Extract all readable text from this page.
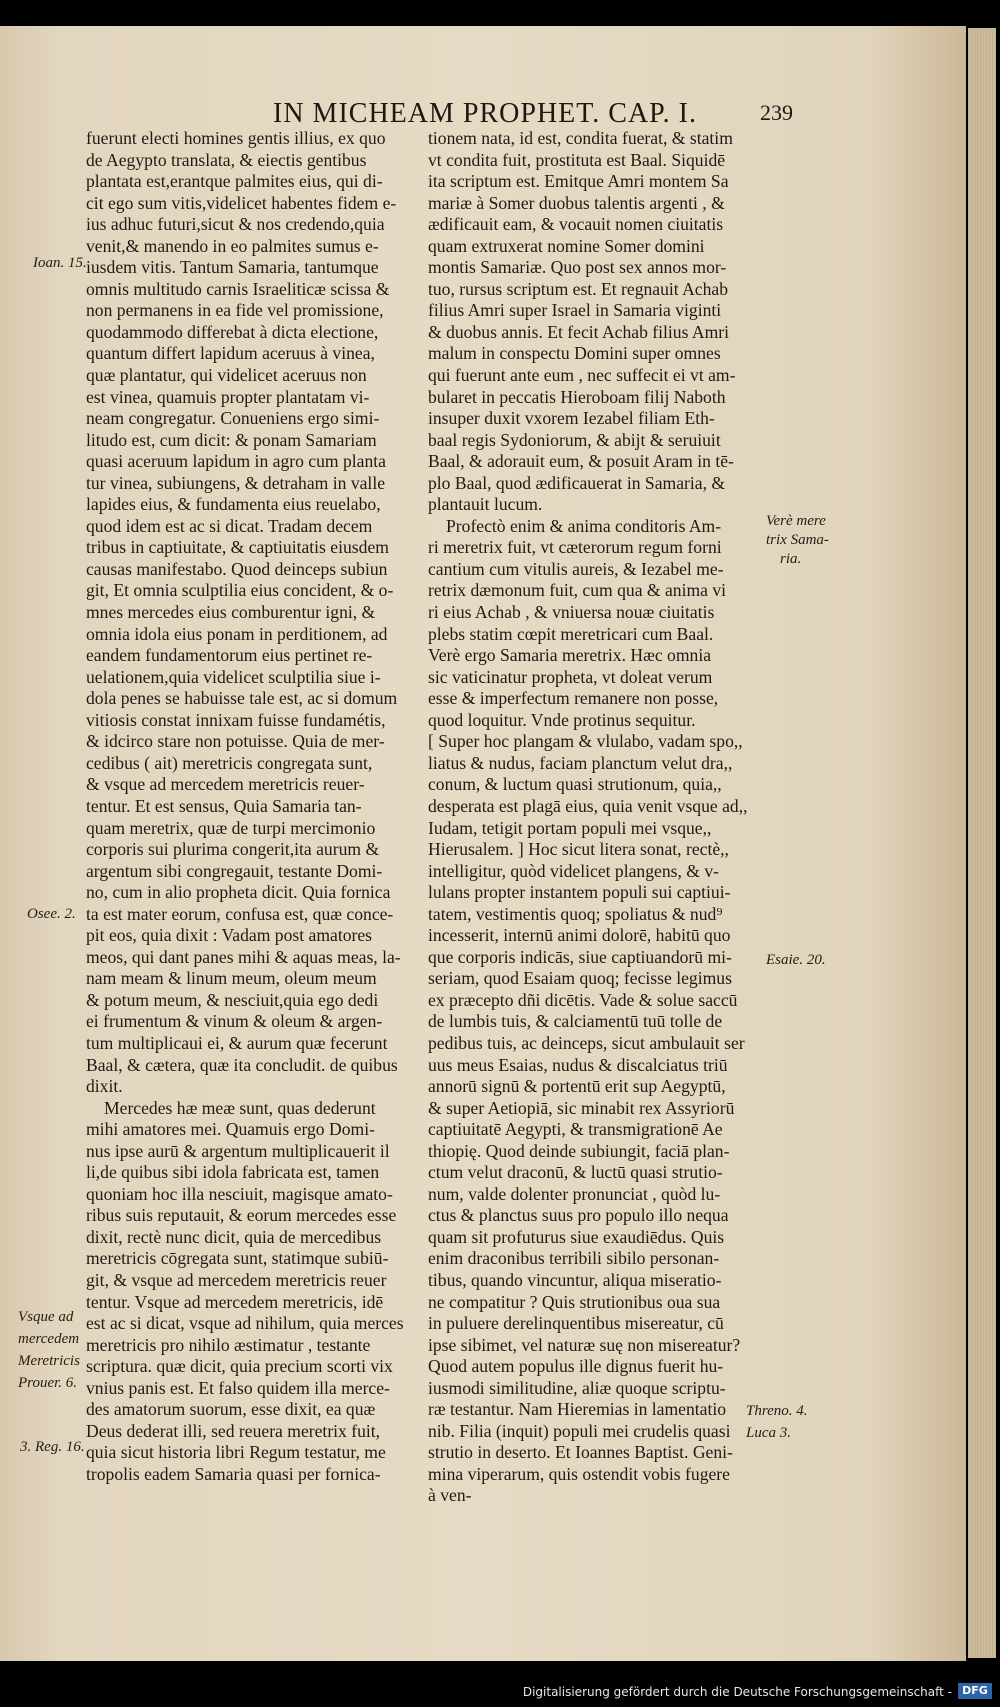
IN MICHEAM PROPHET. CAP. I.	239
fuerunt electi homines gentis illius, ex quo
de Aegypto translata, & eiectis gentibus
plantata est,erantque palmites eius, qui di-
cit ego sum vitis,videlicet habentes fidem e-
ius adhuc futuri,sicut & nos credendo,quia
venit,& manendo in eo palmites sumus e-
iusdem vitis. Tantum Samaria, tantumque
omnis multitudo carnis Israeliticæ scissa &
non permanens in ea fide vel promissione,
quodammodo differebat à dicta electione,
quantum differt lapidum aceruus à vinea,
quæ plantatur, qui videlicet aceruus non
est vinea, quamuis propter plantatam vi-
neam congregatur. Conueniens ergo simi-
litudo est, cum dicit: & ponam Samariam
quasi aceruum lapidum in agro cum planta
tur vinea, subiungens, & detraham in valle
lapides eius, & fundamenta eius reuelabo,
quod idem est ac si dicat. Tradam decem
tribus in captiuitate, & captiuitatis eiusdem
causas manifestabo. Quod deinceps subiun
git, Et omnia sculptilia eius concident, & o-
mnes mercedes eius comburentur igni, &
omnia idola eius ponam in perditionem, ad
eandem fundamentorum eius pertinet re-
uelationem,quia videlicet sculptilia siue i-
dola penes se habuisse tale est, ac si domum
vitiosis constat innixam fuisse fundamétis,
& idcirco stare non potuisse. Quia de mer-
cedibus ( ait) meretricis congregata sunt,
& vsque ad mercedem meretricis reuer-
tentur. Et est sensus, Quia Samaria tan-
quam meretrix, quæ de turpi mercimonio
corporis sui plurima congerit,ita aurum &
argentum sibi congregauit, testante Domi-
no, cum in alio propheta dicit. Quia fornica
ta est mater eorum, confusa est, quæ conce-
pit eos, quia dixit : Vadam post amatores
meos, qui dant panes mihi & aquas meas, la-
nam meam & linum meum, oleum meum
& potum meum, & nesciuit,quia ego dedi
ei frumentum & vinum & oleum & argen-
tum multiplicaui ei, & aurum quæ fecerunt
Baal, & cætera, quæ ita concludit. de quibus
dixit.
Mercedes hæ meæ sunt, quas dederunt
mihi amatores mei. Quamuis ergo Domi-
nus ipse aurū & argentum multiplicauerit il
li,de quibus sibi idola fabricata est, tamen
quoniam hoc illa nesciuit, magisque amato-
ribus suis reputauit, & eorum mercedes esse
dixit, rectè nunc dicit, quia de mercedibus
meretricis cōgregata sunt, statimque subiū-
git, & vsque ad mercedem meretricis reuer
tentur. Vsque ad mercedem meretricis, idē
est ac si dicat, vsque ad nihilum, quia merces
meretricis pro nihilo æstimatur , testante
scriptura. quæ dicit, quia precium scorti vix
vnius panis est. Et falso quidem illa merce-
des amatorum suorum, esse dixit, ea quæ
Deus dederat illi, sed reuera meretrix fuit,
quia sicut historia libri Regum testatur, me
tropolis eadem Samaria quasi per fornica-
tionem nata, id est, condita fuerat, & statim
vt condita fuit, prostituta est Baal. Siquidē
ita scriptum est. Emitque Amri montem Sa
mariæ à Somer duobus talentis argenti , &
ædificauit eam, & vocauit nomen ciuitatis
quam extruxerat nomine Somer domini
montis Samariæ. Quo post sex annos mor-
tuo, rursus scriptum est. Et regnauit Achab
filius Amri super Israel in Samaria viginti
& duobus annis. Et fecit Achab filius Amri
malum in conspectu Domini super omnes
qui fuerunt ante eum , nec suffecit ei vt am-
bularet in peccatis Hieroboam filij Naboth
insuper duxit vxorem Iezabel filiam Eth-
baal regis Sydoniorum, & abijt & seruiuit
Baal, & adorauit eum, & posuit Aram in tē-
plo Baal, quod ædificauerat in Samaria, &
plantauit lucum.
Profectò enim & anima conditoris Am-
ri meretrix fuit, vt cæterorum regum forni
cantium cum vitulis aureis, & Iezabel me-
retrix dæmonum fuit, cum qua & anima vi
ri eius Achab , & vniuersa nouæ ciuitatis
plebs statim cœpit meretricari cum Baal.
Verè ergo Samaria meretrix. Hæc omnia
sic vaticinatur propheta, vt doleat verum
esse & imperfectum remanere non posse,
quod loquitur. Vnde protinus sequitur.
[ Super hoc plangam & vlulabo, vadam spo,,
liatus & nudus, faciam planctum velut dra,,
conum, & luctum quasi strutionum, quia,,
desperata est plagā eius, quia venit vsque ad,,
Iudam, tetigit portam populi mei vsque,,
Hierusalem. ] Hoc sicut litera sonat, rectè,,
intelligitur, quòd videlicet plangens, & v-
lulans propter instantem populi sui captiui-
tatem, vestimentis quoq; spoliatus & nud⁹
incesserit, internū animi dolorē, habitū quo
que corporis indicās, siue captiuandorū mi-
seriam, quod Esaiam quoq; fecisse legimus
ex præcepto dñi dicētis. Vade & solue saccū
de lumbis tuis, & calciamentū tuū tolle de
pedibus tuis, ac deinceps, sicut ambulauit ser
uus meus Esaias, nudus & discalciatus triū
annorū signū & portentū erit sup Aegyptū,
& super Aetiopiā, sic minabit rex Assyriorū
captiuitatē Aegypti, & transmigrationē Ae
thiopię. Quod deinde subiungit, faciā plan-
ctum velut draconū, & luctū quasi strutio-
num, valde dolenter pronunciat , quòd lu-
ctus & planctus suus pro populo illo nequa
quam sit profuturus siue exaudiēdus. Quis
enim draconibus terribili sibilo personan-
tibus, quando vincuntur, aliqua miseratio-
ne compatitur ? Quis strutionibus oua sua
in puluere derelinquentibus misereatur, cū
ipse sibimet, vel naturæ suę non misereatur?
Quod autem populus ille dignus fuerit hu-
iusmodi similitudine, aliæ quoque scriptu-
ræ testantur. Nam Hieremias in lamentatio
nib. Filia (inquit) populi mei crudelis quasi
strutio in deserto. Et Ioannes Baptist. Geni-
mina viperarum, quis ostendit vobis fugere
à ven-
Ioan. 15.
Osee. 2.
Vsque ad
mercedem
Meretricis
Prouer. 6.
3. Reg. 16.
Verè mere
trix Sama-
ria.
Esaie. 20.
Threno. 4.
Luca 3.
Digitalisierung gefördert durch die Deutsche Forschungsgemeinschaft - DFG
